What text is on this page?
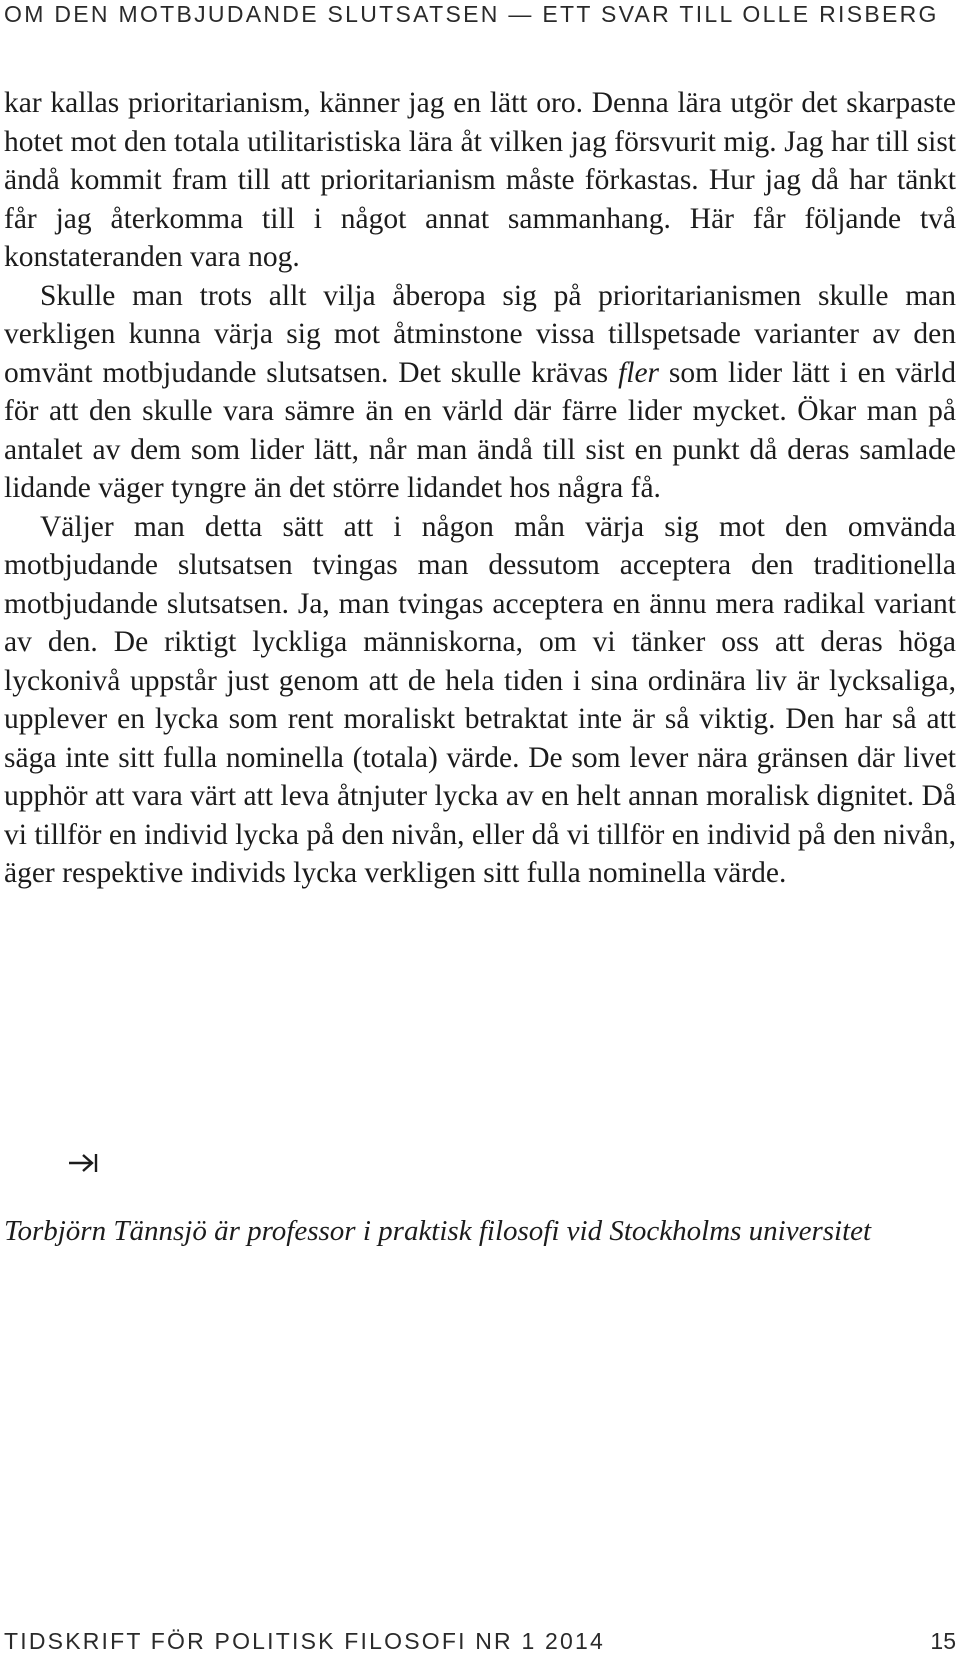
OM DEN MOTBJUDANDE SLUTSATSEN — ETT SVAR TILL OLLE RISBERG

kar kallas prioritarianism, känner jag en lätt oro. Denna lära utgör det skarpaste hotet mot den totala utilitaristiska lära åt vilken jag försvurit mig. Jag har till sist ändå kommit fram till att prioritarianism måste förkastas. Hur jag då har tänkt får jag återkomma till i något annat sammanhang. Här får följande två konstateranden vara nog.

Skulle man trots allt vilja åberopa sig på prioritarianismen skulle man verkligen kunna värja sig mot åtminstone vissa tillspetsade varianter av den omvänt motbjudande slutsatsen. Det skulle krävas fler som lider lätt i en värld för att den skulle vara sämre än en värld där färre lider mycket. Ökar man på antalet av dem som lider lätt, når man ändå till sist en punkt då deras samlade lidande väger tyngre än det större lidandet hos några få.

Väljer man detta sätt att i någon mån värja sig mot den omvända motbjudande slutsatsen tvingas man dessutom acceptera den traditionella motbjudande slutsatsen. Ja, man tvingas acceptera en ännu mera radikal variant av den. De riktigt lyckliga människorna, om vi tänker oss att deras höga lyckonivå uppstår just genom att de hela tiden i sina ordinära liv är lycksaliga, upplever en lycka som rent moraliskt betraktat inte är så viktig. Den har så att säga inte sitt fulla nominella (totala) värde. De som lever nära gränsen där livet upphör att vara värt att leva åtnjuter lycka av en helt annan moralisk dignitet. Då vi tillför en individ lycka på den nivån, eller då vi tillför en individ på den nivån, äger respektive individs lycka verkligen sitt fulla nominella värde.

Torbjörn Tännsjö är professor i praktisk filosofi vid Stockholms universitet
TIDSKRIFT FÖR POLITISK FILOSOFI NR 1 2014	15
